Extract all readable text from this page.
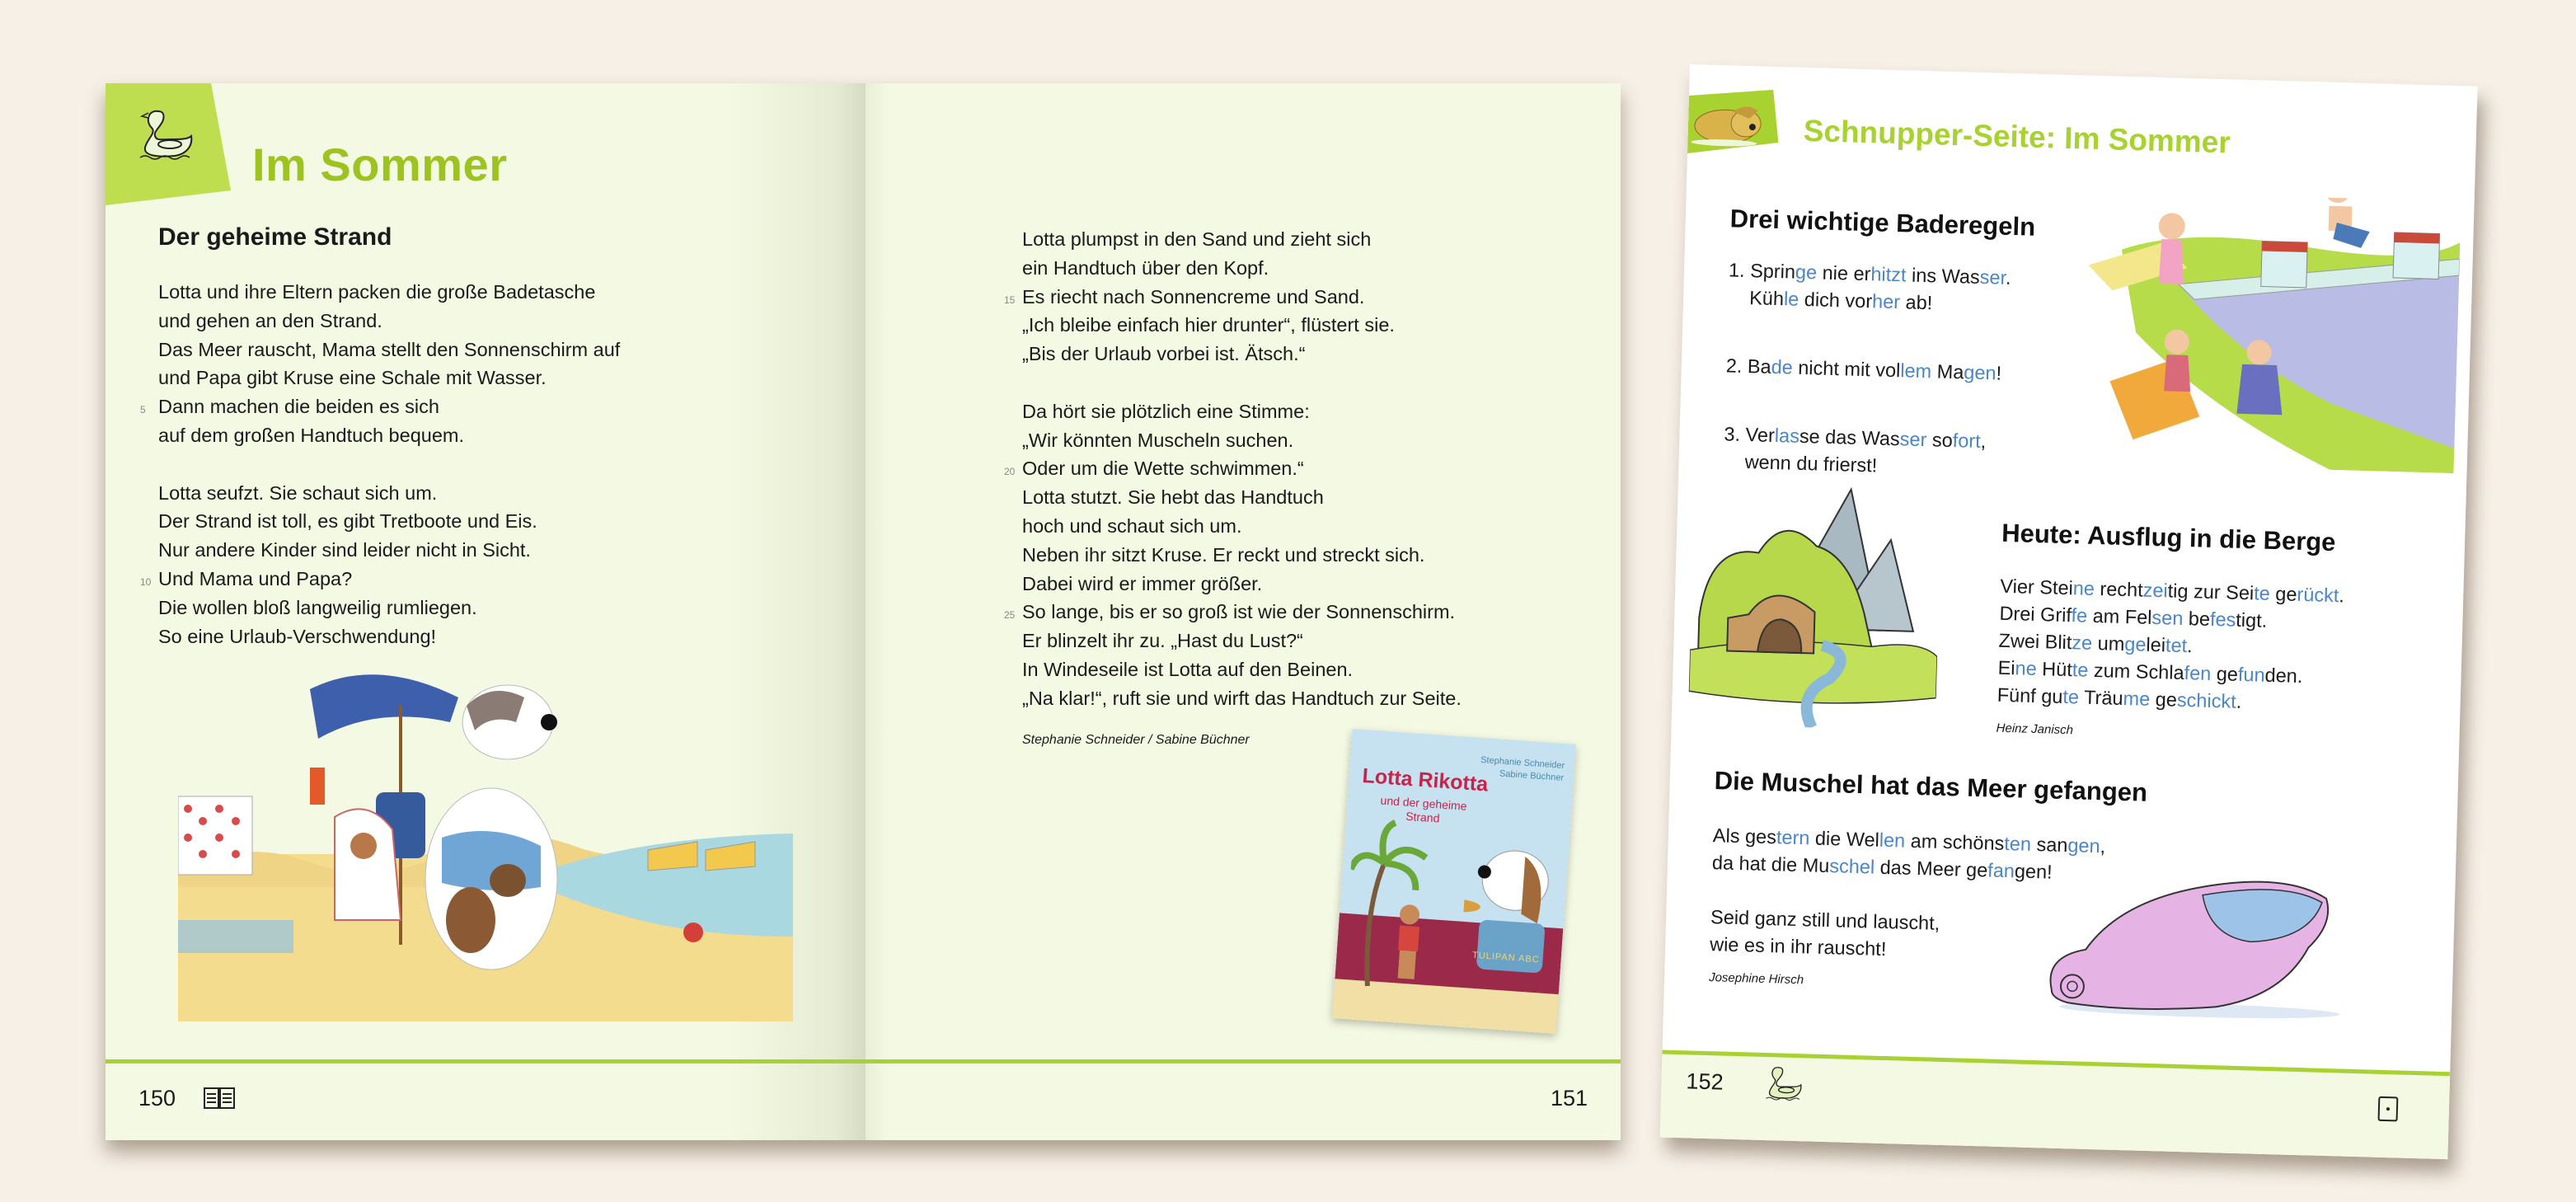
Im Sommer
Der geheime Strand
Lotta und ihre Eltern packen die große Badetasche
und gehen an den Strand.
Das Meer rauscht, Mama stellt den Sonnenschirm auf
und Papa gibt Kruse eine Schale mit Wasser.
Dann machen die beiden es sich
5
auf dem großen Handtuch bequem.
Lotta seufzt. Sie schaut sich um.
Der Strand ist toll, es gibt Tretboote und Eis.
Nur andere Kinder sind leider nicht in Sicht.
Und Mama und Papa?
10
Die wollen bloß langweilig rumliegen.
So eine Urlaub-Verschwendung!
Lotta plumpst in den Sand und zieht sich
ein Handtuch über den Kopf.
Es riecht nach Sonnencreme und Sand.
15
„Ich bleibe einfach hier drunter“, flüstert sie.
„Bis der Urlaub vorbei ist. Ätsch.“
Da hört sie plötzlich eine Stimme:
„Wir könnten Muscheln suchen.
Oder um die Wette schwimmen.“
20
Lotta stutzt. Sie hebt das Handtuch
hoch und schaut sich um.
Neben ihr sitzt Kruse. Er reckt und streckt sich.
Dabei wird er immer größer.
So lange, bis er so groß ist wie der Sonnenschirm.
25
Er blinzelt ihr zu. „Hast du Lust?“
In Windeseile ist Lotta auf den Beinen.
„Na klar!“, ruft sie und wirft das Handtuch zur Seite.
Stephanie Schneider / Sabine Büchner
Stephanie Schneider
Sabine Büchner
Lotta Rikotta
und der geheime
Strand
TULIPAN ABC
150	151
Schnupper-Seite: Im Sommer
Drei wichtige Baderegeln
1. Springe nie erhitzt ins Wasser.
Kühle dich vorher ab!
2. Bade nicht mit vollem Magen!
3. Verlasse das Wasser sofort,
wenn du frierst!
Heute: Ausflug in die Berge
Vier Steine rechtzeitig zur Seite gerückt.
Drei Griffe am Felsen befestigt.
Zwei Blitze umgeleitet.
Eine Hütte zum Schlafen gefunden.
Fünf gute Träume geschickt.
Heinz Janisch
Die Muschel hat das Meer gefangen
Als gestern die Wellen am schönsten sangen,
da hat die Muschel das Meer gefangen!
Seid ganz still und lauscht,
wie es in ihr rauscht!
Josephine Hirsch
152
